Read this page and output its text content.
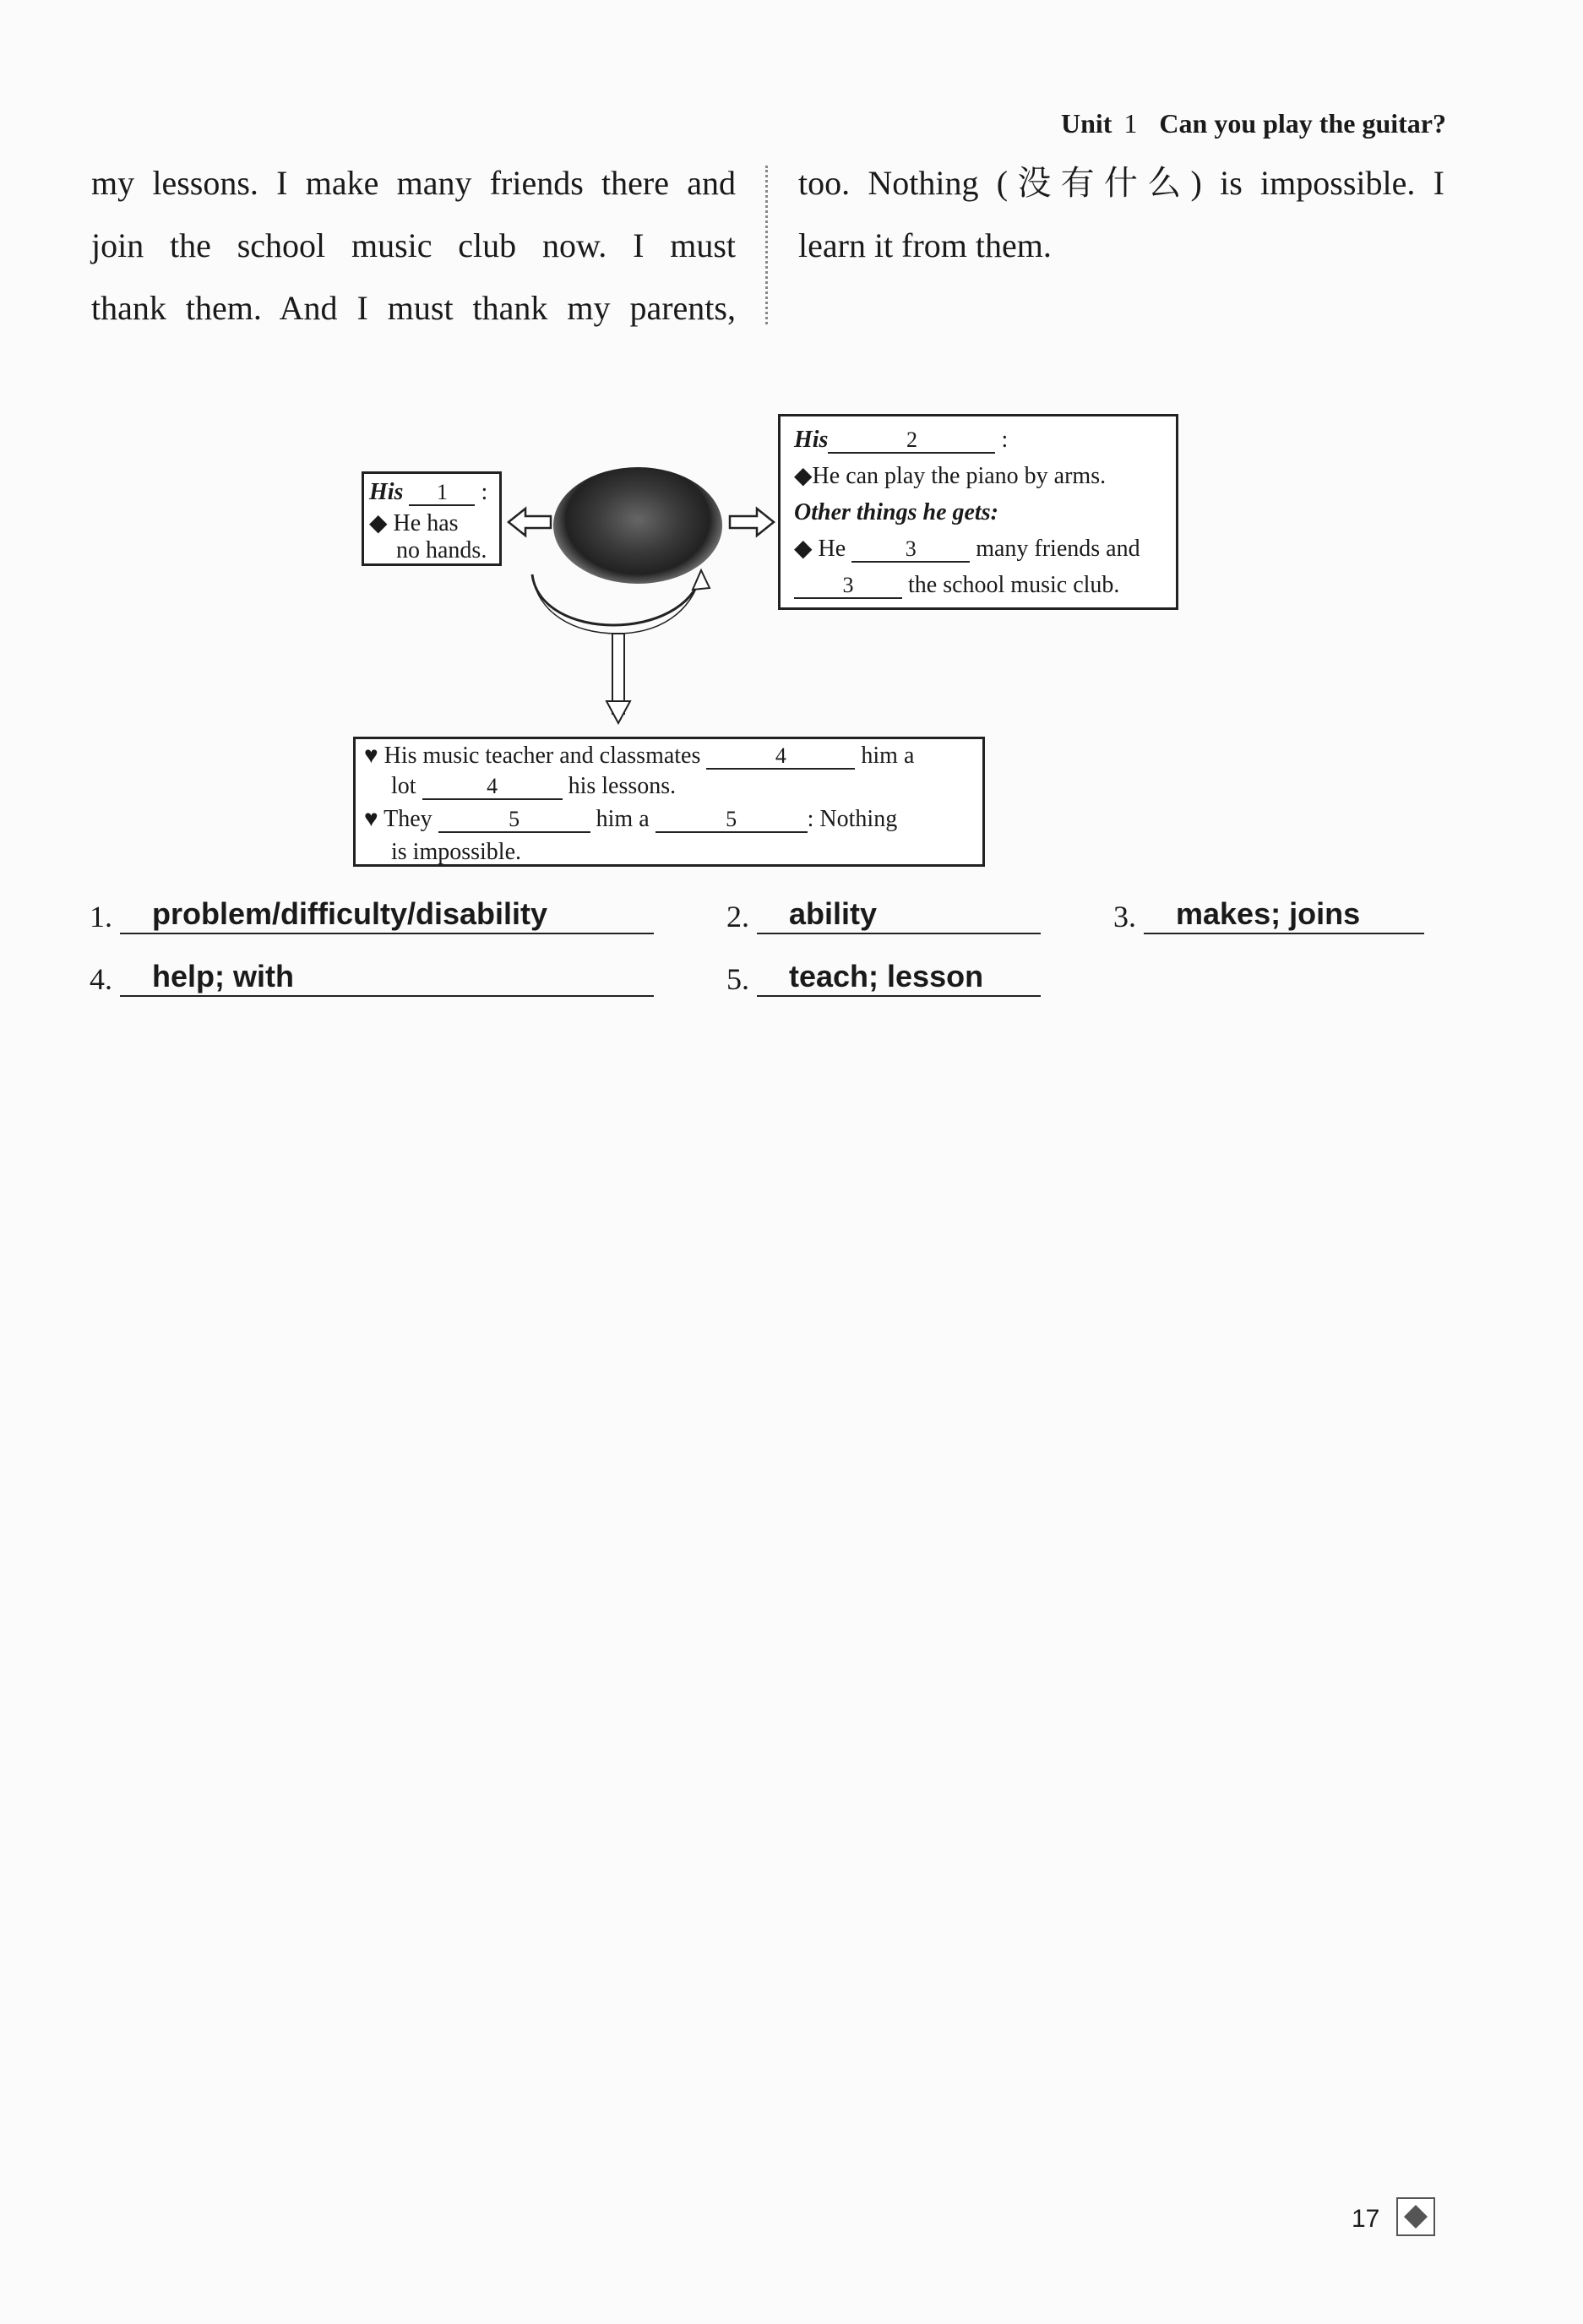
Unit 1 Can you play the guitar?
my lessons. I make many friends there and
join the school music club now. I must
thank them. And I must thank my parents,
too. Nothing (没有什么) is impossible. I
learn it from them.
His 1 :
◆ He has
no hands.
His	2	:
◆He can play the piano by arms.
Other things he gets:
◆ He	3	many friends and
3 the school music club.
♥ His music teacher and classmates	4	him a
lot	4	his lessons.
♥ They	5	him a	5	: Nothing
is impossible.
1. problem/difficulty/disability	2. ability	3. makes; joins
4. help; with	5. teach; lesson
17
